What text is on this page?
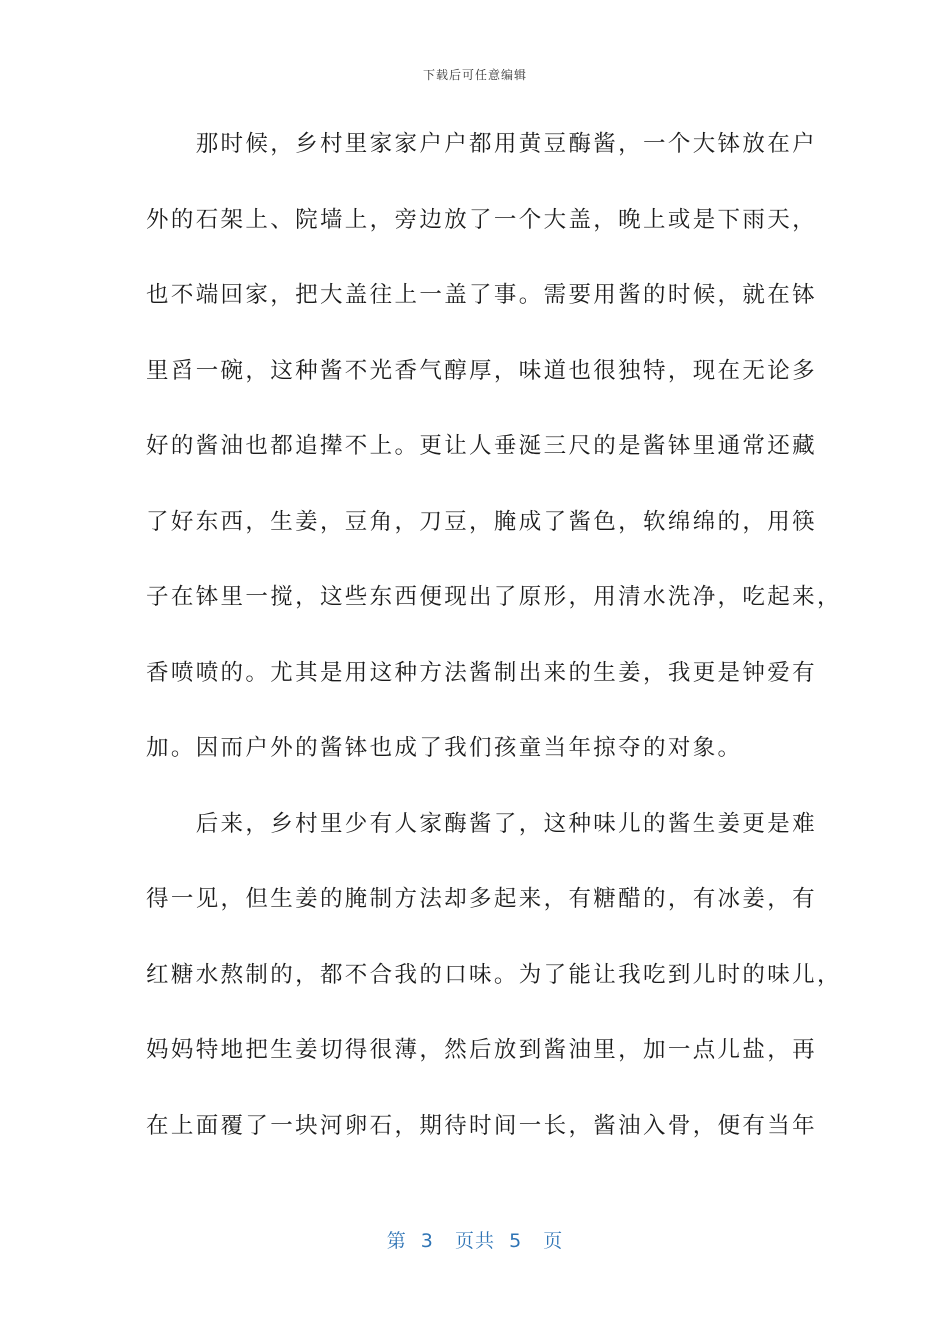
下载后可任意编辑
　　那时候，乡村里家家户户都用黄豆酶酱，一个大钵放在户
外的石架上、院墙上，旁边放了一个大盖，晚上或是下雨天，
也不端回家，把大盖往上一盖了事。需要用酱的时候，就在钵
里舀一碗，这种酱不光香气醇厚，味道也很独特，现在无论多
好的酱油也都追撵不上。更让人垂涎三尺的是酱钵里通常还藏
了好东西，生姜，豆角，刀豆，腌成了酱色，软绵绵的，用筷
子在钵里一搅，这些东西便现出了原形，用清水洗净，吃起来，
香喷喷的。尤其是用这种方法酱制出来的生姜，我更是钟爱有
加。因而户外的酱钵也成了我们孩童当年掠夺的对象。
　　后来，乡村里少有人家酶酱了，这种味儿的酱生姜更是难
得一见，但生姜的腌制方法却多起来，有糖醋的，有冰姜，有
红糖水熬制的，都不合我的口味。为了能让我吃到儿时的味儿，
妈妈特地把生姜切得很薄，然后放到酱油里，加一点儿盐，再
在上面覆了一块河卵石，期待时间一长，酱油入骨，便有当年
第  3   页共  5   页
